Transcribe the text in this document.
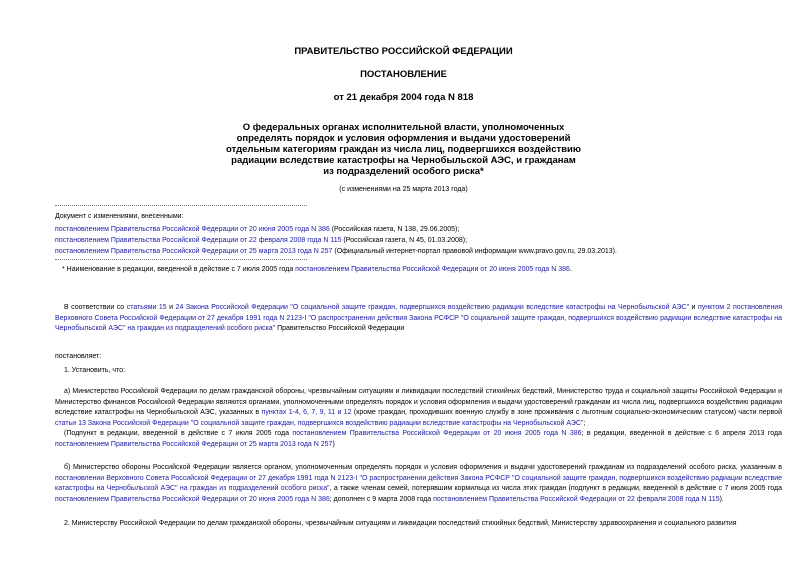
ПРАВИТЕЛЬСТВО РОССИЙСКОЙ ФЕДЕРАЦИИ
ПОСТАНОВЛЕНИЕ
от 21 декабря 2004 года N 818
О федеральных органах исполнительной власти, уполномоченных
определять порядок и условия оформления и выдачи удостоверений
отдельным категориям граждан из числа лиц, подвергшихся воздействию
радиации вследствие катастрофы на Чернобыльской АЭС, и гражданам
из подразделений особого риска*
(с изменениями на 25 марта 2013 года)
Документ с изменениями, внесенными:
постановлением Правительства Российской Федерации от 20 июня 2005 года N 386 (Российская газета, N 138, 29.06.2005);
постановлением Правительства Российской Федерации от 22 февраля 2008 года N 115 (Российская газета, N 45, 01.03.2008);
постановлением Правительства Российской Федерации от 25 марта 2013 года N 257 (Официальный интернет-портал правовой информации www.pravo.gov.ru, 29.03.2013).
* Наименование в редакции, введенной в действие с 7 июля 2005 года постановлением Правительства Российской Федерации от 20 июня 2005 года N 386.
В соответствии со статьями 15 и 24 Закона Российской Федерации "О социальной защите граждан, подвергшихся воздействию радиации вследствие катастрофы на Чернобыльской АЭС" и пунктом 2 постановления Верховного Совета Российской Федерации от 27 декабря 1991 года N 2123-I "О распространении действия Закона РСФСР "О социальной защите граждан, подвергшихся воздействию радиации вследствие катастрофы на Чернобыльской АЭС" на граждан из подразделений особого риска" Правительство Российской Федерации
постановляет:
1. Установить, что:
а) Министерство Российской Федерации по делам гражданской обороны, чрезвычайным ситуациям и ликвидации последствий стихийных бедствий, Министерство труда и социальной защиты Российской Федерации и Министерство финансов Российской Федерации являются органами, уполномоченными определять порядок и условия оформления и выдачи удостоверений гражданам из числа лиц, подвергшихся воздействию радиации вследствие катастрофы на Чернобыльской АЭС, указанных в пунктах 1-4, 6, 7, 9, 11 и 12 (кроме граждан, проходивших военную службу в зоне проживания с льготным социально-экономическим статусом) части первой статьи 13 Закона Российской Федерации "О социальной защите граждан, подвергшихся воздействию радиации вследствие катастрофы на Чернобыльской АЭС";
(Подпункт в редакции, введенной в действие с 7 июля 2005 года постановлением Правительства Российской Федерации от 20 июня 2005 года N 386; в редакции, введенной в действие с 6 апреля 2013 года постановлением Правительства Российской Федерации от 25 марта 2013 года N 257)
б) Министерство обороны Российской Федерации является органом, уполномоченным определять порядок и условия оформления и выдачи удостоверений гражданам из подразделений особого риска, указанным в постановлении Верховного Совета Российской Федерации от 27 декабря 1991 года N 2123-I "О распространении действия Закона РСФСР "О социальной защите граждан, подвергшихся воздействию радиации вследствие катастрофы на Чернобыльской АЭС" на граждан из подразделений особого риска", а также членам семей, потерявшим кормильца из числа этих граждан (подпункт в редакции, введенной в действие с 7 июля 2005 года постановлением Правительства Российской Федерации от 20 июня 2005 года N 386; дополнен с 9 марта 2008 года постановлением Правительства Российской Федерации от 22 февраля 2008 года N 115).
2. Министерству Российской Федерации по делам гражданской обороны, чрезвычайным ситуациям и ликвидации последствий стихийных бедствий, Министерству здравоохранения и социального развития
